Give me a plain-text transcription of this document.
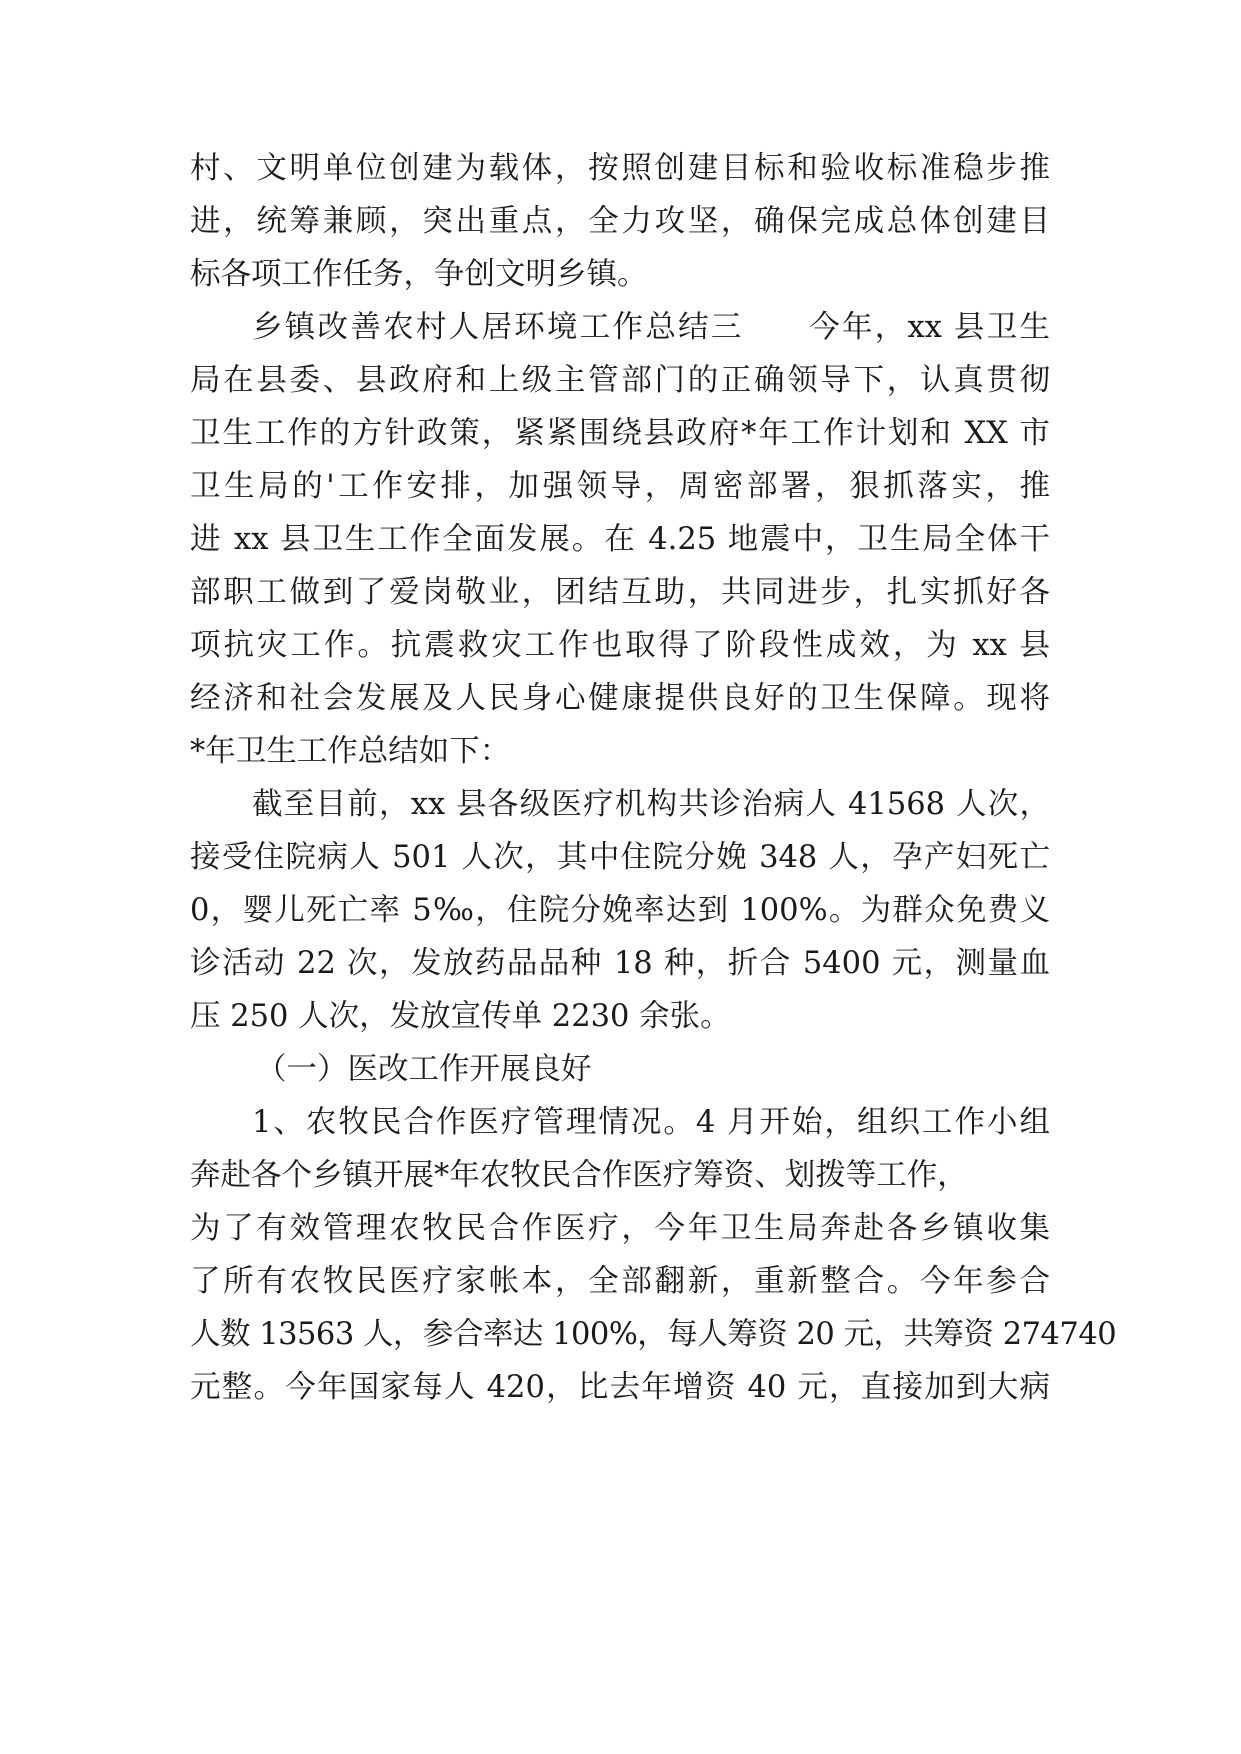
村、文明单位创建为载体，按照创建目标和验收标准稳步推
进，统筹兼顾，突出重点，全力攻坚，确保完成总体创建目
标各项工作任务，争创文明乡镇。
乡镇改善农村人居环境工作总结三　　今年，xx 县卫生
局在县委、县政府和上级主管部门的正确领导下，认真贯彻
卫生工作的方针政策，紧紧围绕县政府*年工作计划和 XX 市
卫生局的'工作安排，加强领导，周密部署，狠抓落实，推
进 xx 县卫生工作全面发展。在 4.25 地震中，卫生局全体干
部职工做到了爱岗敬业，团结互助，共同进步，扎实抓好各
项抗灾工作。抗震救灾工作也取得了阶段性成效，为 xx 县
经济和社会发展及人民身心健康提供良好的卫生保障。现将
*年卫生工作总结如下：
截至目前，xx 县各级医疗机构共诊治病人 41568 人次，
接受住院病人 501 人次，其中住院分娩 348 人，孕产妇死亡
0，婴儿死亡率 5‰，住院分娩率达到 100%。为群众免费义
诊活动 22 次，发放药品品种 18 种，折合 5400 元，测量血
压 250 人次，发放宣传单 2230 余张。
（一）医改工作开展良好
1、农牧民合作医疗管理情况。4 月开始，组织工作小组
奔赴各个乡镇开展*年农牧民合作医疗筹资、划拨等工作，
为了有效管理农牧民合作医疗，今年卫生局奔赴各乡镇收集
了所有农牧民医疗家帐本，全部翻新，重新整合。今年参合
人数 13563 人，参合率达 100%，每人筹资 20 元，共筹资 274740
元整。今年国家每人 420，比去年增资 40 元，直接加到大病
